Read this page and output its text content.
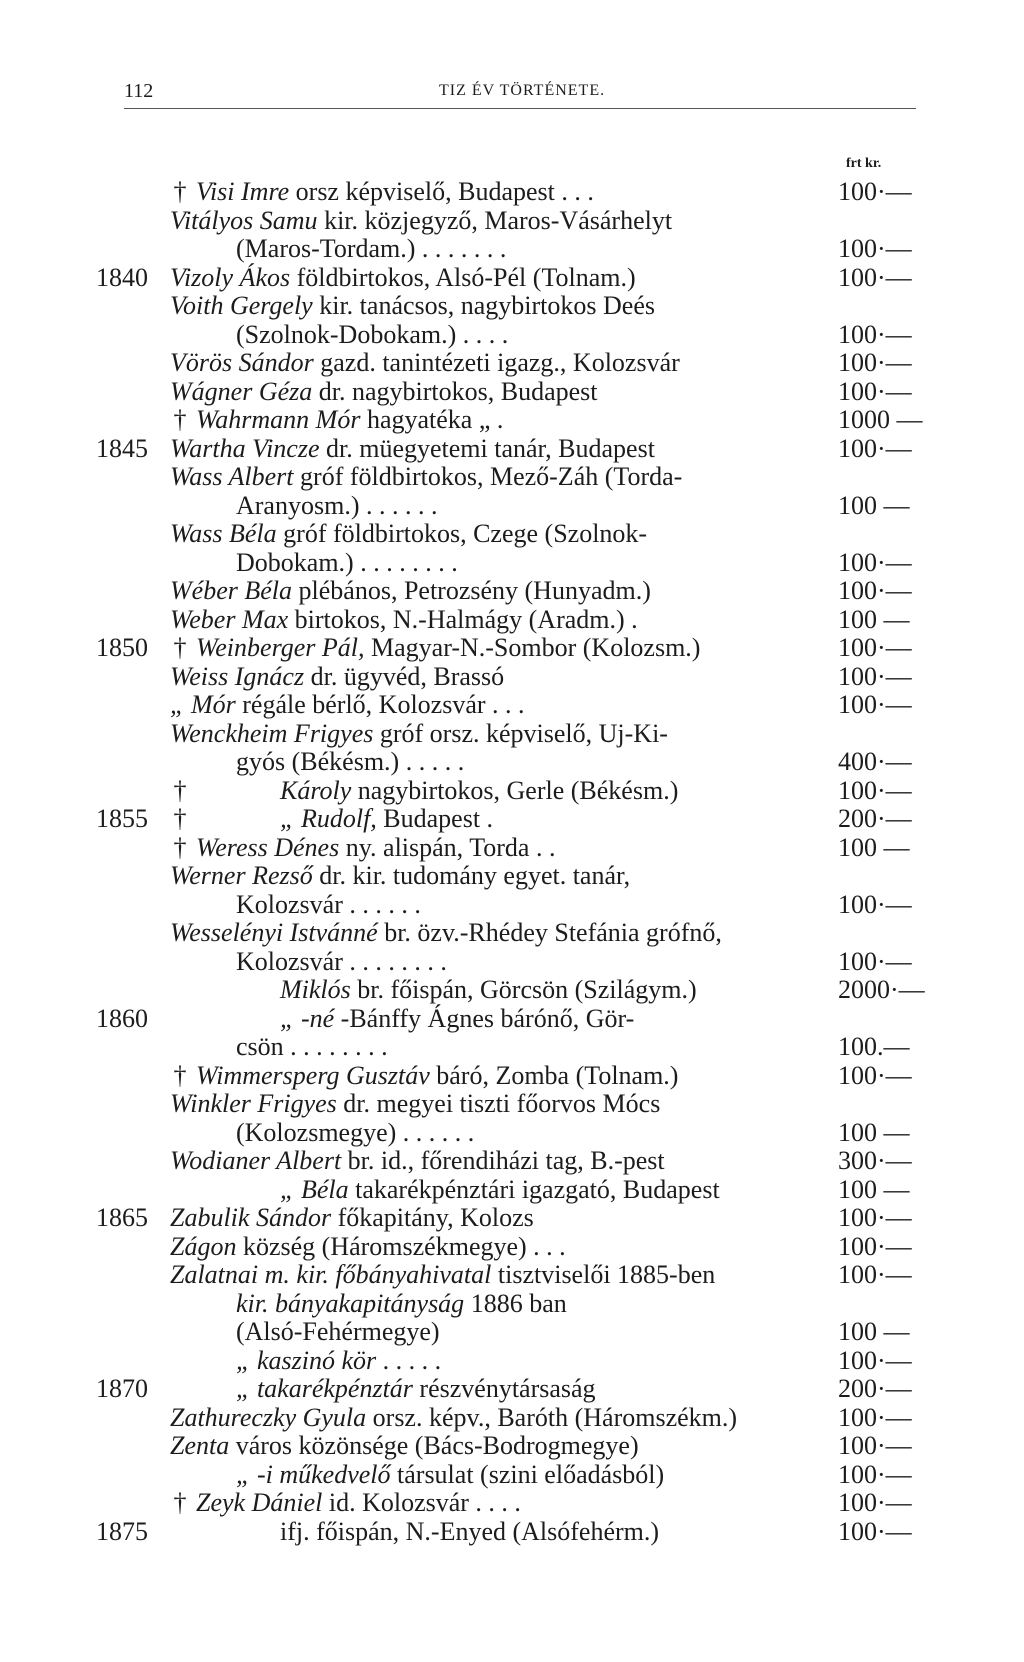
112	TIZ ÉV TÖRTÉNETE.
frt kr.
† Visi Imre orsz képviselő, Budapest . . .	100·—
Vitályos Samu kir. közjegyző, Maros-Vásárhelyt
(Maros-Tordam.) . . . . . . .	100·—
1840 Vizoly Ákos földbirtokos, Alsó-Pél (Tolnam.)	100·—
Voith Gergely kir. tanácsos, nagybirtokos Deés
(Szolnok-Dobokam.) . . . .	100·—
Vörös Sándor gazd. tanintézeti igazg., Kolozsvár	100·—
Wágner Géza dr. nagybirtokos, Budapest	100·—
† Wahrmann Mór hagyatéka „ .	1000 —
1845 Wartha Vincze dr. müegyetemi tanár, Budapest	100·—
Wass Albert gróf földbirtokos, Mező-Záh (Torda-
Aranyosm.) . . . . . .	100 —
Wass Béla gróf földbirtokos, Czege (Szolnok-
Dobokam.) . . . . . . . .	100·—
Wéber Béla plébános, Petrozsény (Hunyadm.)	100·—
Weber Max birtokos, N.-Halmágy (Aradm.) .	100 —
1850 † Weinberger Pál, Magyar-N.-Sombor (Kolozsm.)	100·—
Weiss Ignácz dr. ügyvéd, Brassó	100·—
„ Mór régále bérlő, Kolozsvár . . .	100·—
Wenckheim Frigyes gróf orsz. képviselő, Uj-Ki-
gyós (Békésm.) . . . . .	400·—
†	Károly nagybirtokos, Gerle (Békésm.)	100·—
1855 †	„ Rudolf, Budapest .	200·—
† Weress Dénes ny. alispán, Torda . .	100 —
Werner Rezső dr. kir. tudomány egyet. tanár,
Kolozsvár . . . . . .	100·—
Wesselényi Istvánné br. özv.-Rhédey Stefánia grófnő,
Kolozsvár . . . . . . . .	100·—
Miklós br. főispán, Görcsön (Szilágym.)	2000·—
1860	„ -né -Bánffy Ágnes bárónő, Gör-
csön . . . . . . . .	100.—
† Wimmersperg Gusztáv báró, Zomba (Tolnam.)	100·—
Winkler Frigyes dr. megyei tiszti főorvos Mócs
(Kolozsmegye) . . . . . .	100 —
Wodianer Albert br. id., főrendiházi tag, B.-pest	300·—
„ Béla takarékpénztári igazgató, Budapest	100 —
1865 Zabulik Sándor főkapitány, Kolozs	100·—
Zágon község (Háromszékmegye) . . .	100·—
Zalatnai m. kir. főbányahivatal tisztviselői 1885-ben	100·—
kir. bányakapitányság 1886 ban
(Alsó-Fehérmegye)	100 —
„ kaszinó kör . . . . .	100·—
1870	„ takarékpénztár részvénytársaság	200·—
Zathureczky Gyula orsz. képv., Baróth (Háromszékm.)	100·—
Zenta város közönsége (Bács-Bodrogmegye)	100·—
„ -i műkedvelő társulat (szini előadásból)	100·—
† Zeyk Dániel id. Kolozsvár . . . .	100·—
1875	ifj. főispán, N.-Enyed (Alsófehérm.)	100·—
